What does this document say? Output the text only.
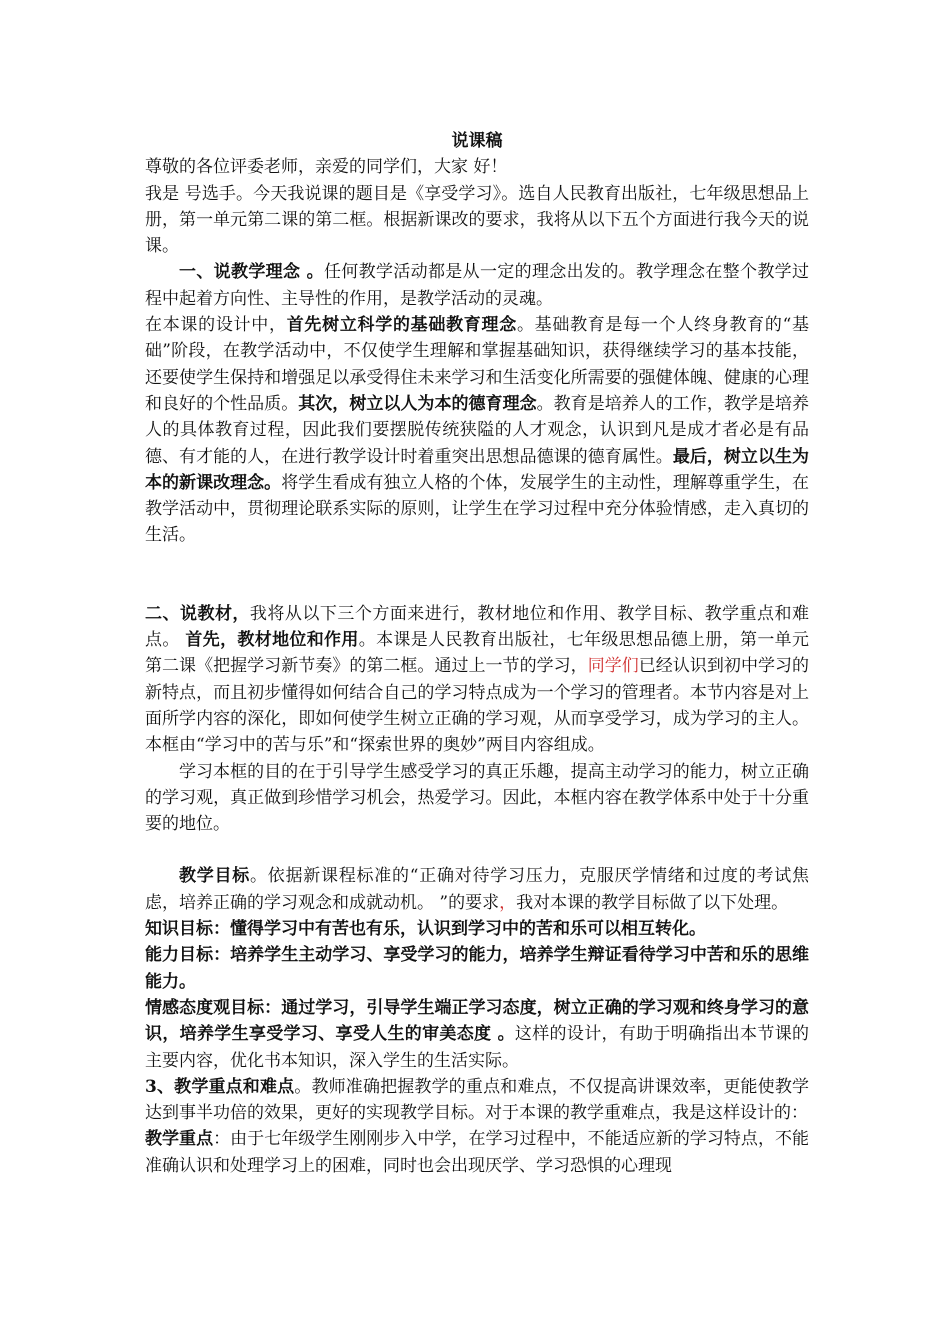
说课稿

尊敬的各位评委老师，亲爱的同学们，大家 好！

我是 号选手。今天我说课的题目是《享受学习》。选自人民教育出版社，七年级思想品上册，第一单元第二课的第二框。根据新课改的要求，我将从以下五个方面进行我今天的说课。

一、说教学理念 。任何教学活动都是从一定的理念出发的。教学理念在整个教学过程中起着方向性、主导性的作用，是教学活动的灵魂。

在本课的设计中，首先树立科学的基础教育理念。基础教育是每一个人终身教育的“基础”阶段，在教学活动中，不仅使学生理解和掌握基础知识，获得继续学习的基本技能，还要使学生保持和增强足以承受得住未来学习和生活变化所需要的强健体魄、健康的心理和良好的个性品质。其次，树立以人为本的德育理念。教育是培养人的工作，教学是培养人的具体教育过程，因此我们要摆脱传统狭隘的人才观念，认识到凡是成才者必是有品德、有才能的人，在进行教学设计时着重突出思想品德课的德育属性。最后，树立以生为本的新课改理念。将学生看成有独立人格的个体，发展学生的主动性，理解尊重学生，在教学活动中，贯彻理论联系实际的原则，让学生在学习过程中充分体验情感，走入真切的生活。

二、说教材，我将从以下三个方面来进行，教材地位和作用、教学目标、教学重点和难点。 首先，教材地位和作用。本课是人民教育出版社，七年级思想品德上册，第一单元第二课《把握学习新节奏》的第二框。通过上一节的学习，同学们已经认识到初中学习的新特点，而且初步懂得如何结合自己的学习特点成为一个学习的管理者。本节内容是对上面所学内容的深化，即如何使学生树立正确的学习观，从而享受学习，成为学习的主人。本框由“学习中的苦与乐”和“探索世界的奥妙”两目内容组成。

学习本框的目的在于引导学生感受学习的真正乐趣，提高主动学习的能力，树立正确的学习观，真正做到珍惜学习机会，热爱学习。因此，本框内容在教学体系中处于十分重要的地位。

教学目标。依据新课程标准的“正确对待学习压力，克服厌学情绪和过度的考试焦虑，培养正确的学习观念和成就动机。 ”的要求，我对本课的教学目标做了以下处理。

知识目标：懂得学习中有苦也有乐，认识到学习中的苦和乐可以相互转化。

能力目标：培养学生主动学习、享受学习的能力，培养学生辩证看待学习中苦和乐的思维能力。

情感态度观目标：通过学习，引导学生端正学习态度，树立正确的学习观和终身学习的意识，培养学生享受学习、享受人生的审美态度 。这样的设计，有助于明确指出本节课的主要内容，优化书本知识，深入学生的生活实际。

3、教学重点和难点。教师准确把握教学的重点和难点，不仅提高讲课效率，更能使教学达到事半功倍的效果，更好的实现教学目标。对于本课的教学重难点，我是这样设计的：

教学重点：由于七年级学生刚刚步入中学，在学习过程中，不能适应新的学习特点，不能准确认识和处理学习上的困难，同时也会出现厌学、学习恐惧的心理现
